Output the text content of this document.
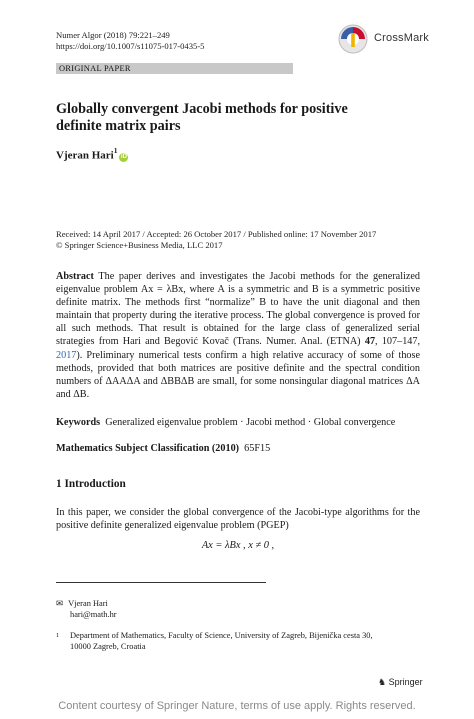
Numer Algor (2018) 79:221–249
https://doi.org/10.1007/s11075-017-0435-5
CrossMark
ORIGINAL PAPER
Globally convergent Jacobi methods for positive definite matrix pairs
Vjeran Hari$^1$iD
Received: 14 April 2017 / Accepted: 26 October 2017 / Published online: 17 November 2017
© Springer Science+Business Media, LLC 2017
Abstract The paper derives and investigates the Jacobi methods for the generalized eigenvalue problem Ax = λBx, where A is a symmetric and B is a symmetric positive definite matrix. The methods first “normalize” B to have the unit diagonal and then maintain that property during the iterative process. The global convergence is proved for all such methods. That result is obtained for the large class of generalized serial strategies from Hari and Begović Kovač (Trans. Numer. Anal. (ETNA) 47, 107–147, 2017). Preliminary numerical tests confirm a high relative accuracy of some of those methods, provided that both matrices are positive definite and the spectral condition numbers of ΔAAΔA and ΔBBΔB are small, for some nonsingular diagonal matrices ΔA and ΔB.
Keywords Generalized eigenvalue problem · Jacobi method · Global convergence
Mathematics Subject Classification (2010) 65F15
1 Introduction
In this paper, we consider the global convergence of the Jacobi-type algorithms for the positive definite generalized eigenvalue problem (PGEP)
Ax = λBx , x ≠ 0 ,
✉ Vjeran Hari
hari@math.hr
1	Department of Mathematics, Faculty of Science, University of Zagreb, Bijenička cesta 30,
10000 Zagreb, Croatia
♞ Springer
Content courtesy of Springer Nature, terms of use apply. Rights reserved.
